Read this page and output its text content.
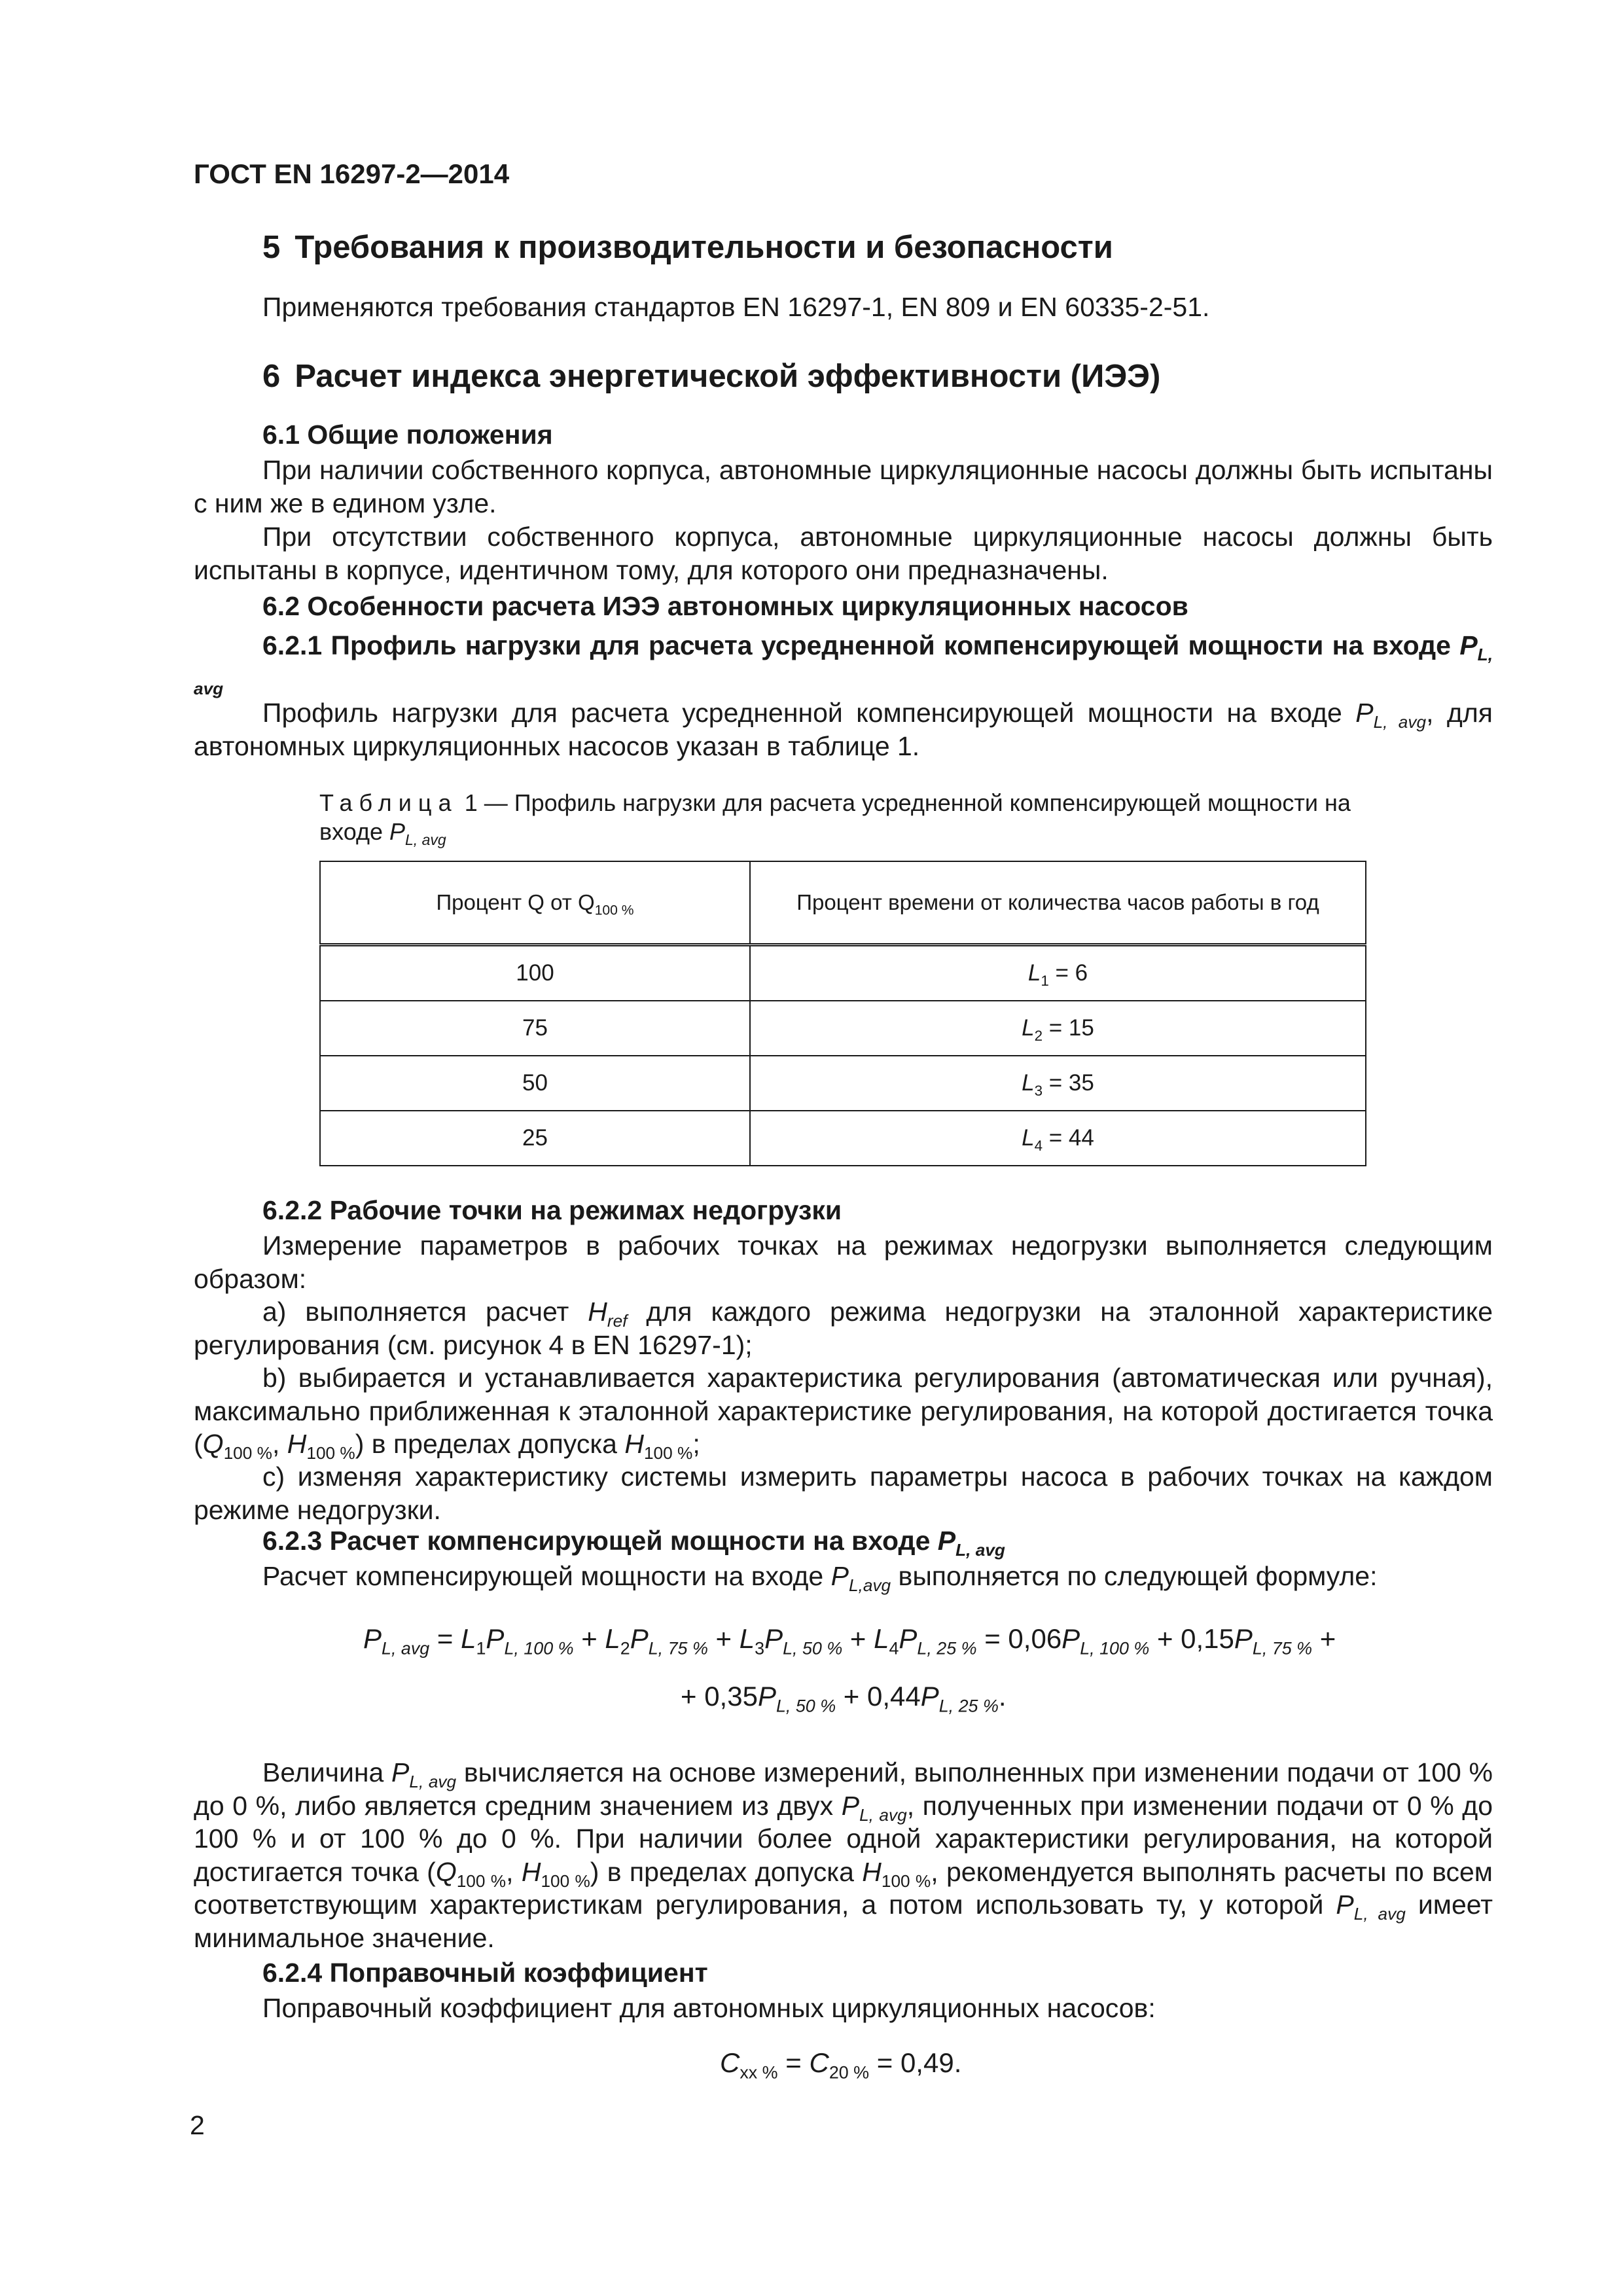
ГОСТ EN 16297-2—2014
5 Требования к производительности и безопасности

Применяются требования стандартов EN 16297-1, EN 809 и EN 60335-2-51.

6 Расчет индекса энергетической эффективности (ИЭЭ)
6.1 Общие положения

При наличии собственного корпуса, автономные циркуляционные насосы должны быть испытаны с ним же в едином узле.

При отсутствии собственного корпуса, автономные циркуляционные насосы должны быть испытаны в корпусе, идентичном тому, для которого они предназначены.

6.2 Особенности расчета ИЭЭ автономных циркуляционных насосов
6.2.1 Профиль нагрузки для расчета усредненной компенсирующей мощности на входе $P_{L, avg}$

Профиль нагрузки для расчета усредненной компенсирующей мощности на входе $P_{L, avg}$, для автономных циркуляционных насосов указан в таблице 1.

Таблица 1 — Профиль нагрузки для расчета усредненной компенсирующей мощности на входе $P_{L, avg}$
Процент Q от $Q_{100 \%}$	Процент времени от количества часов работы в год
100	$L_1 = 6$
75	$L_2 = 15$
50	$L_3 = 35$
25	$L_4 = 44$
6.2.2 Рабочие точки на режимах недогрузки

Измерение параметров в рабочих точках на режимах недогрузки выполняется следующим образом:

a) выполняется расчет $H_{ref}$ для каждого режима недогрузки на эталонной характеристике регулирования (см. рисунок 4 в EN 16297-1);

b) выбирается и устанавливается характеристика регулирования (автоматическая или ручная), максимально приближенная к эталонной характеристике регулирования, на которой достигается точка ($Q_{100 \%}$, $H_{100 \%}$) в пределах допуска $H_{100 \%}$;

c) изменяя характеристику системы измерить параметры насоса в рабочих точках на каждом режиме недогрузки.

6.2.3 Расчет компенсирующей мощности на входе $P_{L, avg}$

Расчет компенсирующей мощности на входе $P_{L,avg}$ выполняется по следующей формуле:

$P_{L, avg} = L_1P_{L, 100 \%} + L_2P_{L, 75 \%} + L_3P_{L, 50 \%} + L_4P_{L, 25 \%} = 0,06P_{L, 100 \%} + 0,15P_{L, 75 \%}$ +
+ $0,35P_{L, 50 \%} + 0,44P_{L, 25 \%}$.

Величина $P_{L, avg}$ вычисляется на основе измерений, выполненных при изменении подачи от 100 % до 0 %, либо является средним значением из двух $P_{L, avg}$, полученных при изменении подачи от 0 % до 100 % и от 100 % до 0 %. При наличии более одной характеристики регулирования, на которой достигается точка ($Q_{100 \%}$, $H_{100 \%}$) в пределах допуска $H_{100 \%}$, рекомендуется выполнять расчеты по всем соответствующим характеристикам регулирования, а потом использовать ту, у которой $P_{L, avg}$ имеет минимальное значение.

6.2.4 Поправочный коэффициент

Поправочный коэффициент для автономных циркуляционных насосов:

$C_{xx \%} = C_{20 \%} = 0,49$.
2
